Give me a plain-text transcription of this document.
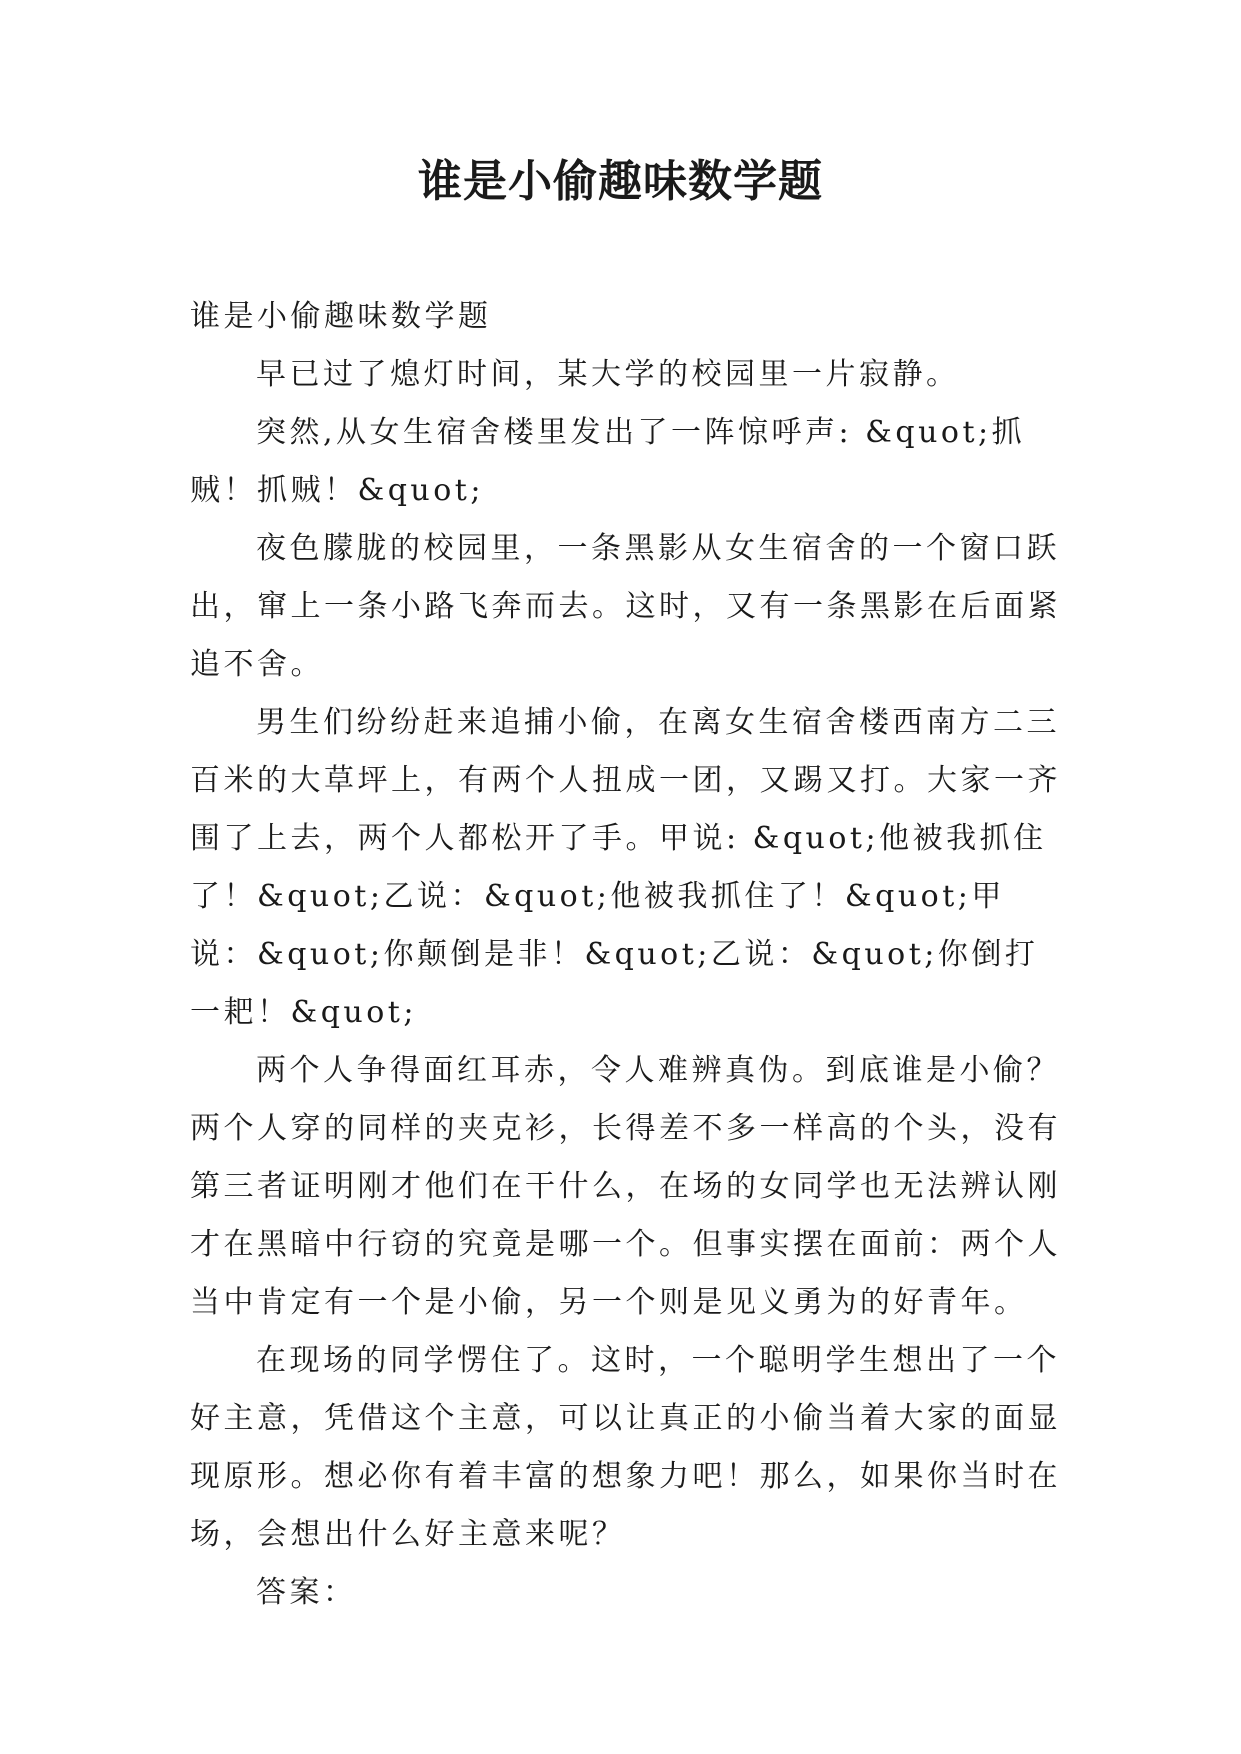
谁是小偷趣味数学题

谁是小偷趣味数学题

早已过了熄灯时间，某大学的校园里一片寂静。

突然,从女生宿舍楼里发出了一阵惊呼声: &quot;抓贼！抓贼！&quot;

夜色朦胧的校园里，一条黑影从女生宿舍的一个窗口跃出，窜上一条小路飞奔而去。这时，又有一条黑影在后面紧追不舍。

男生们纷纷赶来追捕小偷，在离女生宿舍楼西南方二三百米的大草坪上，有两个人扭成一团，又踢又打。大家一齐围了上去，两个人都松开了手。甲说: &quot;他被我抓住了！&quot;乙说：&quot;他被我抓住了！&quot;甲说：&quot;你颠倒是非！&quot;乙说：&quot;你倒打一耙！&quot;

两个人争得面红耳赤，令人难辨真伪。到底谁是小偷？两个人穿的同样的夹克衫，长得差不多一样高的个头，没有第三者证明刚才他们在干什么，在场的女同学也无法辨认刚才在黑暗中行窃的究竟是哪一个。但事实摆在面前：两个人当中肯定有一个是小偷，另一个则是见义勇为的好青年。

在现场的同学愣住了。这时，一个聪明学生想出了一个好主意，凭借这个主意，可以让真正的小偷当着大家的面显现原形。想必你有着丰富的想象力吧！那么，如果你当时在场，会想出什么好主意来呢？

答案：
